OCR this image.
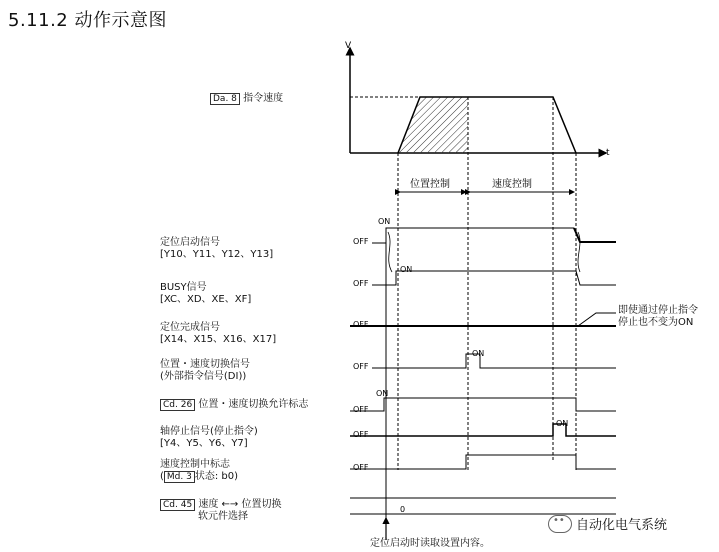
5.11.2 动作示意图
Da. 8 指令速度
定位启动信号
[Y10、Y11、Y12、Y13]
BUSY信号
[XC、XD、XE、XF]
定位完成信号
[X14、X15、X16、X17]
位置・速度切换信号
(外部指令信号(DI))
Cd. 26 位置・速度切换允许标志
轴停止信号(停止指令)
[Y4、Y5、Y6、Y7]
速度控制中标志
( Md. 3 状态: b0)
Cd. 45 速度 ←→ 位置切换
软元件选择
即使通过停止指令
停止也不变为ON
定位启动时读取设置内容。
••
自动化电气系统
V
t
位置控制	速度控制
OFF
ON
OFF
ON
OFF
OFF
ON
OFF
ON
OFF
ON
OFF
0
